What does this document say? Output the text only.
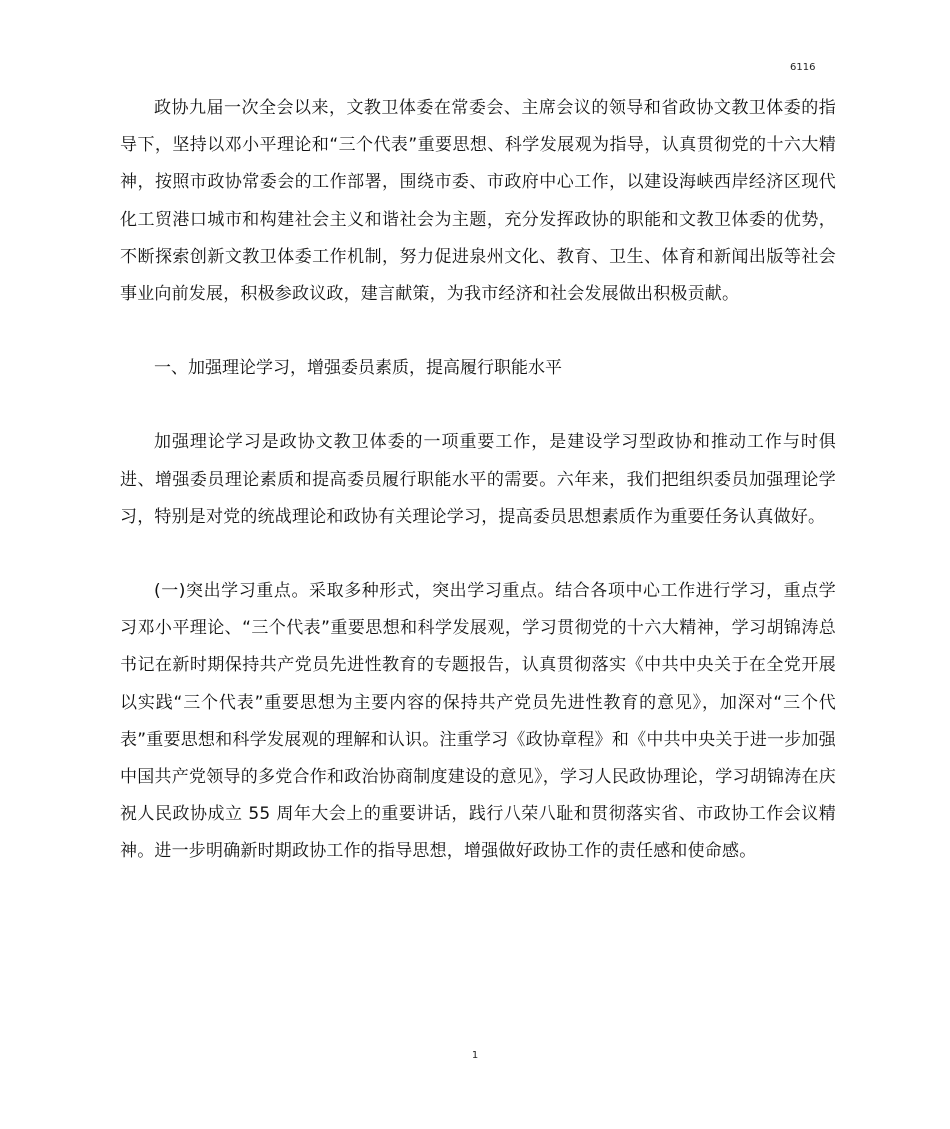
6116

政协九届一次全会以来，文教卫体委在常委会、主席会议的领导和省政协文教卫体委的指导下，坚持以邓小平理论和“三个代表”重要思想、科学发展观为指导，认真贯彻党的十六大精神，按照市政协常委会的工作部署，围绕市委、市政府中心工作，以建设海峡西岸经济区现代化工贸港口城市和构建社会主义和谐社会为主题，充分发挥政协的职能和文教卫体委的优势，不断探索创新文教卫体委工作机制，努力促进泉州文化、教育、卫生、体育和新闻出版等社会事业向前发展，积极参政议政，建言献策，为我市经济和社会发展做出积极贡献。

一、加强理论学习，增强委员素质，提高履行职能水平

加强理论学习是政协文教卫体委的一项重要工作，是建设学习型政协和推动工作与时俱进、增强委员理论素质和提高委员履行职能水平的需要。六年来，我们把组织委员加强理论学习，特别是对党的统战理论和政协有关理论学习，提高委员思想素质作为重要任务认真做好。

(一)突出学习重点。采取多种形式，突出学习重点。结合各项中心工作进行学习，重点学习邓小平理论、“三个代表”重要思想和科学发展观，学习贯彻党的十六大精神，学习胡锦涛总书记在新时期保持共产党员先进性教育的专题报告，认真贯彻落实《中共中央关于在全党开展以实践“三个代表”重要思想为主要内容的保持共产党员先进性教育的意见》，加深对“三个代表”重要思想和科学发展观的理解和认识。注重学习《政协章程》和《中共中央关于进一步加强中国共产党领导的多党合作和政治协商制度建设的意见》，学习人民政协理论，学习胡锦涛在庆祝人民政协成立 55 周年大会上的重要讲话，践行八荣八耻和贯彻落实省、市政协工作会议精神。进一步明确新时期政协工作的指导思想，增强做好政协工作的责任感和使命感。

1
